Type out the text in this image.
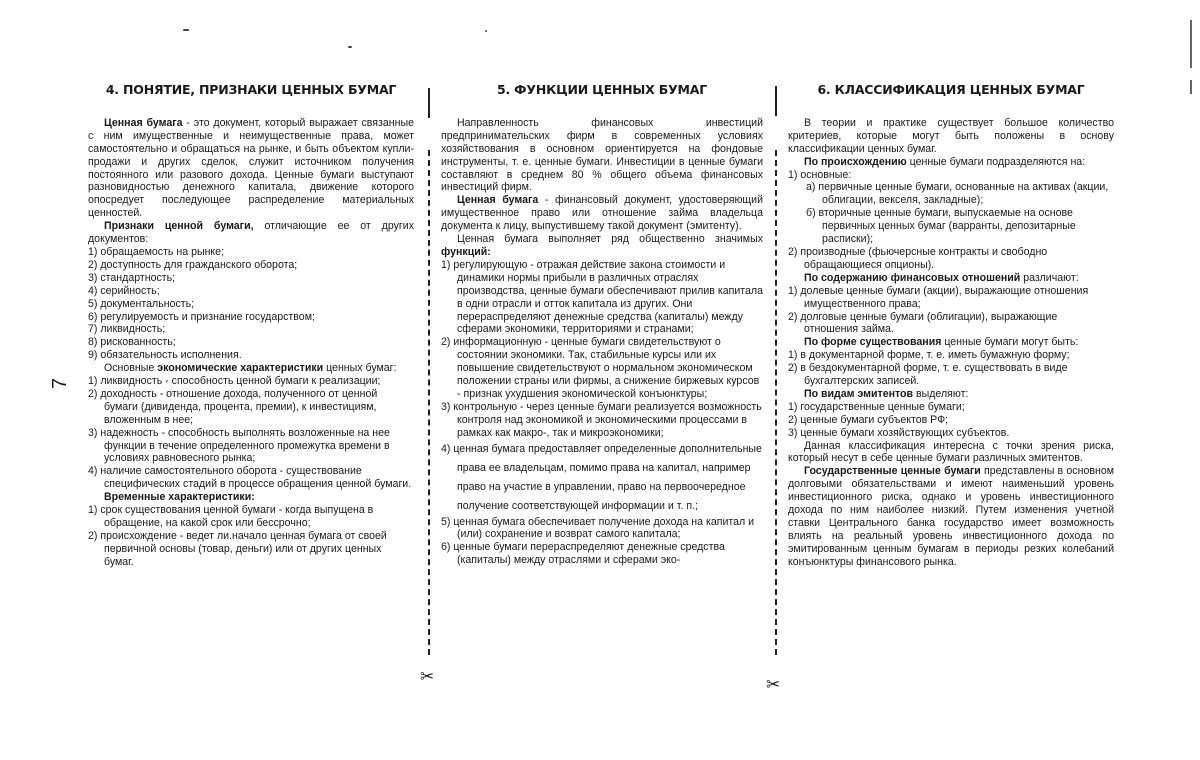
7
✂	✂
4. ПОНЯТИЕ, ПРИЗНАКИ ЦЕННЫХ БУМАГ

Ценная бумага - это документ, который выражает связанные с ним имущественные и неимущественные права, может самостоятельно и обращаться на рынке, и быть объектом купли-продажи и других сделок, служит источником получения постоянного или разового дохода. Ценные бумаги выступают разновидностью денежного капитала, движение которого опосредует последующее распределение материальных ценностей.

Признаки ценной бумаги, отличающие ее от других документов:

1) обращаемость на рынке;

2) доступность для гражданского оборота;

3) стандартность;

4) серийность;

5) документальность;

6) регулируемость и признание государством;

7) ликвидность;

8) рискованность;

9) обязательность исполнения.

Основные экономические характеристики ценных бумаг:

1) ликвидность - способность ценной бумаги к реализации;

2) доходность - отношение дохода, полученного от ценной бумаги (дивиденда, процента, премии), к инвестициям, вложенным в нее;

3) надежность - способность выполнять возложенные на нее функции в течение определенного промежутка времени в условиях равновесного рынка;

4) наличие самостоятельного оборота - существование специфических стадий в процессе обращения ценной бумаги.

Временные характеристики:

1) срок существования ценной бумаги - когда выпущена в обращение, на какой срок или бессрочно;

2) происхождение - ведет ли.начало ценная бумага от своей первичной основы (товар, деньги) или от других ценных бумаг.

5. ФУНКЦИИ ЦЕННЫХ БУМАГ

Направленность финансовых инвестиций предпринимательских фирм в современных условиях хозяйствования в основном ориентируется на фондовые инструменты, т. е. ценные бумаги. Инвестиции в ценные бумаги составляют в среднем 80 % общего объема финансовых инвестиций фирм.

Ценная бумага - финансовый документ, удостоверяющий имущественное право или отношение займа владельца документа к лицу, выпустившему такой документ (эмитенту).

Ценная бумага выполняет ряд общественно значимых функций:

1) регулирующую - отражая действие закона стоимости и динамики нормы прибыли в различных отраслях производства, ценные бумаги обеспечивают прилив капитала в одни отрасли и отток капитала из других. Они перераспределяют денежные средства (капиталы) между сферами экономики, территориями и странами;

2) информационную - ценные бумаги свидетельствуют о состоянии экономики. Так, стабильные курсы или их повышение свидетельствуют о нормальном экономическом положении страны или фирмы, а снижение биржевых курсов - признак ухудшения экономической конъюнктуры;

3) контрольную - через ценные бумаги реализуется возможность контроля над экономикой и экономическими процессами в рамках как макро-, так и микроэкономики;

4) ценная бумага предоставляет определенные дополнительные права ее владельцам, помимо права на капитал, например право на участие в управлении, право на первоочередное получение соответствующей информации и т. п.;

5) ценная бумага обеспечивает получение дохода на капитал и (или) сохранение и возврат самого капитала;

6) ценные бумаги перераспределяют денежные средства (капиталы) между отраслями и сферами эко-

6. КЛАССИФИКАЦИЯ ЦЕННЫХ БУМАГ

В теории и практике существует большое количество критериев, которые могут быть положены в основу классификации ценных бумаг.

По происхождению ценные бумаги подразделяются на:

1) основные:

а) первичные ценные бумаги, основанные на активах (акции, облигации, векселя, закладные);

б) вторичные ценные бумаги, выпускаемые на основе первичных ценных бумаг (варранты, депозитарные расписки);

2) производные (фьючерсные контракты и свободно обращающиеся опционы).

По содержанию финансовых отношений различают:

1) долевые ценные бумаги (акции), выражающие отношения имущественного права;

2) долговые ценные бумаги (облигации), выражающие отношения займа.

По форме существования ценные бумаги могут быть:

1) в документарной форме, т. е. иметь бумажную форму;

2) в бездокументарной форме, т. е. существовать в виде бухгалтерских записей.

По видам эмитентов выделяют:

1) государственные ценные бумаги;

2) ценные бумаги субъектов РФ;

3) ценные бумаги хозяйствующих субъектов.

Данная классификация интересна с точки зрения риска, который несут в себе ценные бумаги различных эмитентов.

Государственные ценные бумаги представлены в основном долговыми обязательствами и имеют наименьший уровень инвестиционного риска, однако и уровень инвестиционного дохода по ним наиболее низкий. Путем изменения учетной ставки Центрального банка государство имеет возможность влиять на реальный уровень инвестиционного дохода по эмитированным ценным бумагам в периоды резких колебаний конъюнктуры финансового рынка.
